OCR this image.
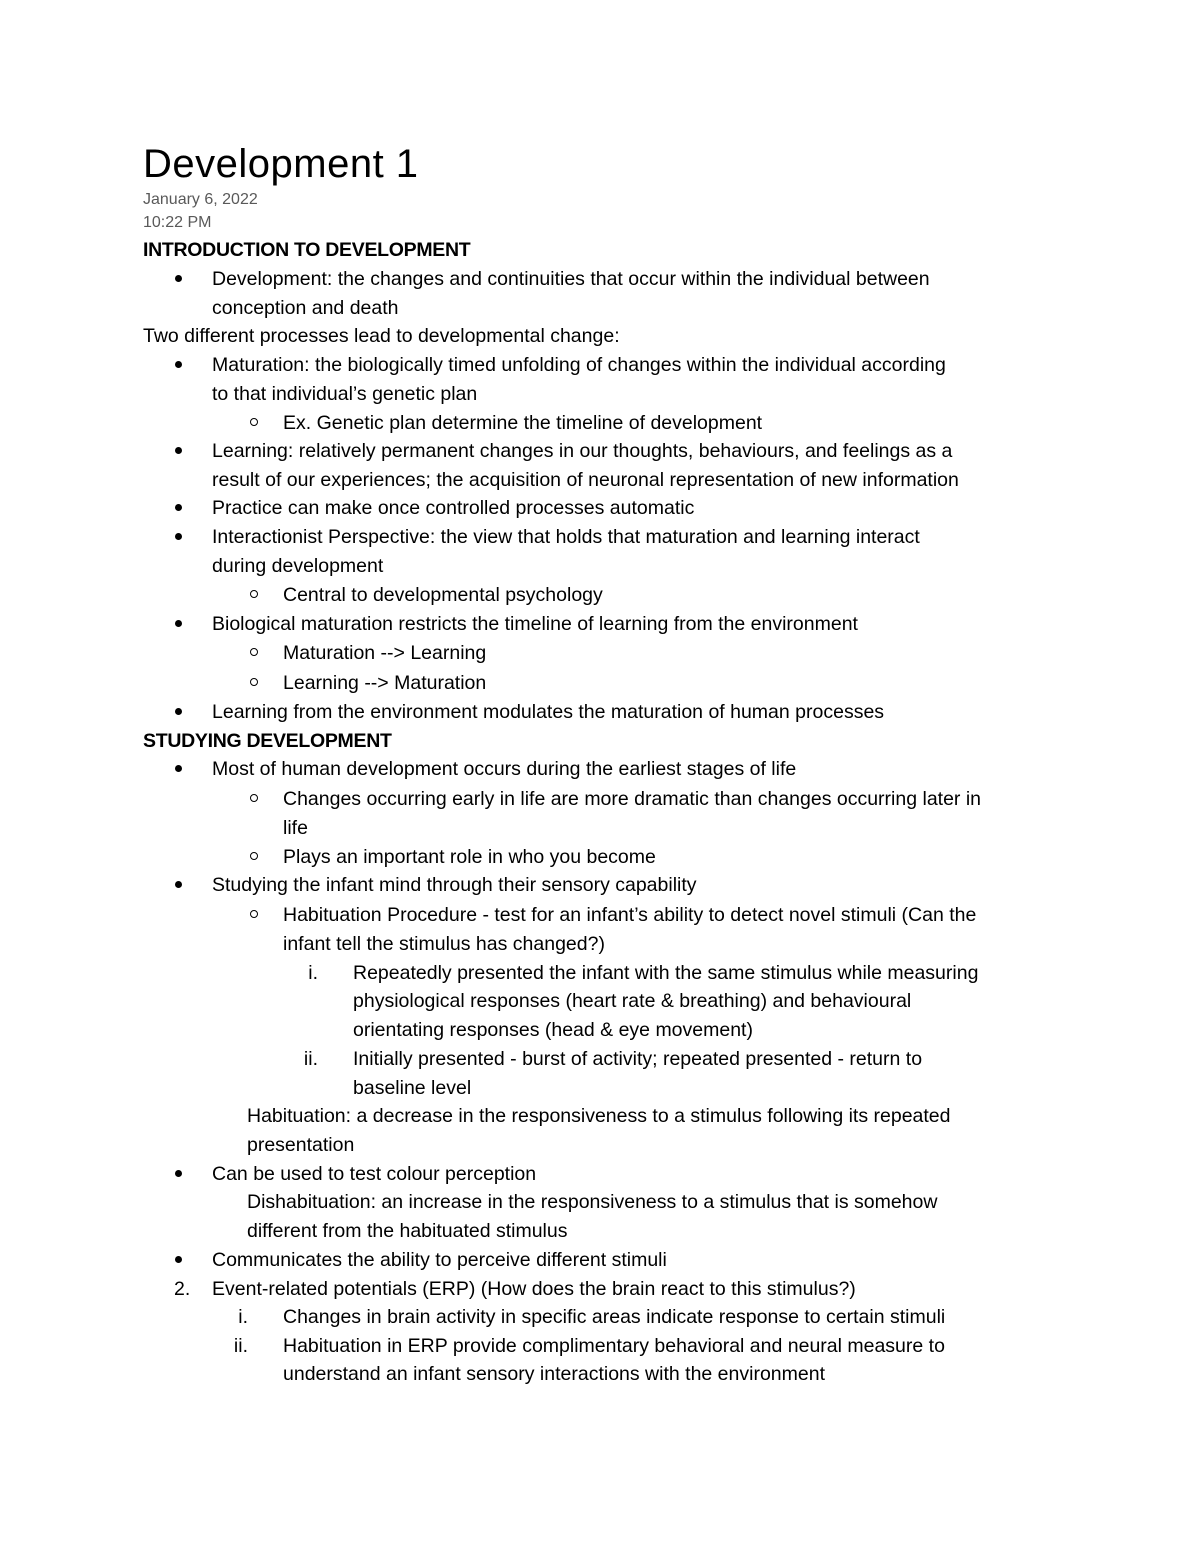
Development 1
January 6, 2022
10:22 PM
INTRODUCTION TO DEVELOPMENT
Development: the changes and continuities that occur within the individual between
conception and death
Two different processes lead to developmental change:
Maturation: the biologically timed unfolding of changes within the individual according
to that individual’s genetic plan
Ex. Genetic plan determine the timeline of development
Learning: relatively permanent changes in our thoughts, behaviours, and feelings as a
result of our experiences; the acquisition of neuronal representation of new information
Practice can make once controlled processes automatic
Interactionist Perspective: the view that holds that maturation and learning interact
during development
Central to developmental psychology
Biological maturation restricts the timeline of learning from the environment
Maturation --> Learning
Learning --> Maturation
Learning from the environment modulates the maturation of human processes
STUDYING DEVELOPMENT
Most of human development occurs during the earliest stages of life
Changes occurring early in life are more dramatic than changes occurring later in
life
Plays an important role in who you become
Studying the infant mind through their sensory capability
Habituation Procedure - test for an infant’s ability to detect novel stimuli (Can the
infant tell the stimulus has changed?)
i. Repeatedly presented the infant with the same stimulus while measuring
physiological responses (heart rate & breathing) and behavioural
orientating responses (head & eye movement)
ii. Initially presented - burst of activity; repeated presented - return to
baseline level
Habituation: a decrease in the responsiveness to a stimulus following its repeated
presentation
Can be used to test colour perception
Dishabituation: an increase in the responsiveness to a stimulus that is somehow
different from the habituated stimulus
Communicates the ability to perceive different stimuli
2. Event-related potentials (ERP) (How does the brain react to this stimulus?)
i. Changes in brain activity in specific areas indicate response to certain stimuli
ii. Habituation in ERP provide complimentary behavioral and neural measure to
understand an infant sensory interactions with the environment
